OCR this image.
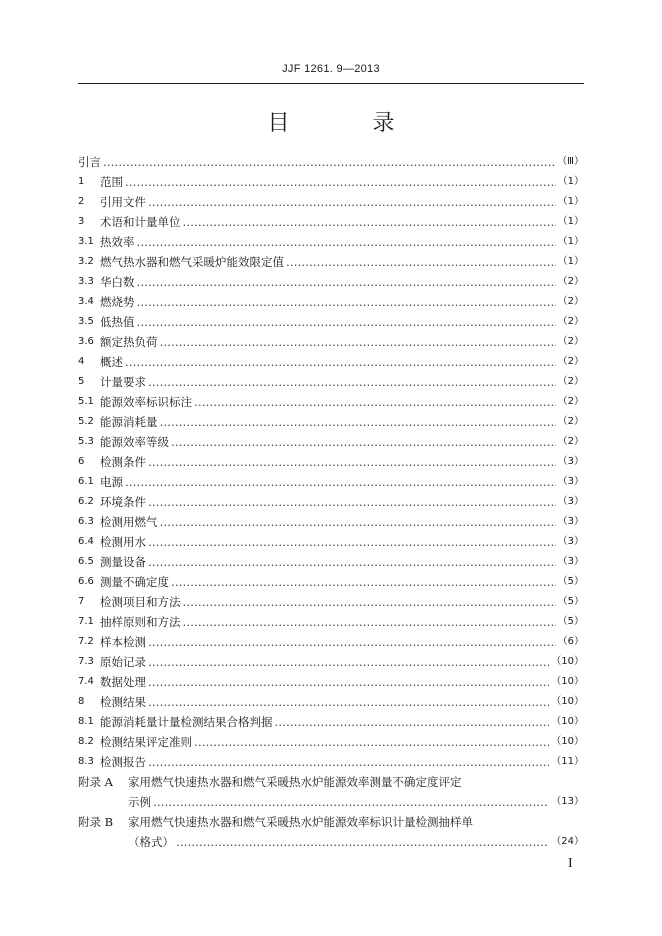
JJF 1261. 9—2013
目 录
引言 …………………………………………………………………………………………………………………………………………………………………………	（Ⅲ）
1	范围 …………………………………………………………………………………………………………………………………………………………………………	（1）
2	引用文件 …………………………………………………………………………………………………………………………………………………………………………	（1）
3	术语和计量单位 …………………………………………………………………………………………………………………………………………………………………………	（1）
3.1 热效率 …………………………………………………………………………………………………………………………………………………………………………	（1）
3.2 燃气热水器和燃气采暖炉能效限定值 …………………………………………………………………………………………………………………………………………………………………………	（1）
3.3 华白数 …………………………………………………………………………………………………………………………………………………………………………	（2）
3.4 燃烧势 …………………………………………………………………………………………………………………………………………………………………………	（2）
3.5 低热值 …………………………………………………………………………………………………………………………………………………………………………	（2）
3.6 额定热负荷 …………………………………………………………………………………………………………………………………………………………………………	（2）
4	概述 …………………………………………………………………………………………………………………………………………………………………………	（2）
5	计量要求 …………………………………………………………………………………………………………………………………………………………………………	（2）
5.1 能源效率标识标注 …………………………………………………………………………………………………………………………………………………………………………	（2）
5.2 能源消耗量 …………………………………………………………………………………………………………………………………………………………………………	（2）
5.3 能源效率等级 …………………………………………………………………………………………………………………………………………………………………………	（2）
6	检测条件 …………………………………………………………………………………………………………………………………………………………………………	（3）
6.1 电源 …………………………………………………………………………………………………………………………………………………………………………	（3）
6.2 环境条件 …………………………………………………………………………………………………………………………………………………………………………	（3）
6.3 检测用燃气 …………………………………………………………………………………………………………………………………………………………………………	（3）
6.4 检测用水 …………………………………………………………………………………………………………………………………………………………………………	（3）
6.5 测量设备 …………………………………………………………………………………………………………………………………………………………………………	（3）
6.6 测量不确定度 …………………………………………………………………………………………………………………………………………………………………………	（5）
7	检测项目和方法 …………………………………………………………………………………………………………………………………………………………………………	（5）
7.1 抽样原则和方法 …………………………………………………………………………………………………………………………………………………………………………	（5）
7.2 样本检测 …………………………………………………………………………………………………………………………………………………………………………	（6）
7.3 原始记录 …………………………………………………………………………………………………………………………………………………………………………	（10）
7.4 数据处理 …………………………………………………………………………………………………………………………………………………………………………	（10）
8	检测结果 …………………………………………………………………………………………………………………………………………………………………………	（10）
8.1 能源消耗量计量检测结果合格判据 …………………………………………………………………………………………………………………………………………………………………………	（10）
8.2 检测结果评定准则 …………………………………………………………………………………………………………………………………………………………………………	（10）
8.3 检测报告 …………………………………………………………………………………………………………………………………………………………………………	（11）
附录 A	家用燃气快速热水器和燃气采暖热水炉能源效率测量不确定度评定
示例 …………………………………………………………………………………………………………………………………………………………………………	（13）
附录 B	家用燃气快速热水器和燃气采暖热水炉能源效率标识计量检测抽样单
（格式） …………………………………………………………………………………………………………………………………………………………………………	（24）
I
